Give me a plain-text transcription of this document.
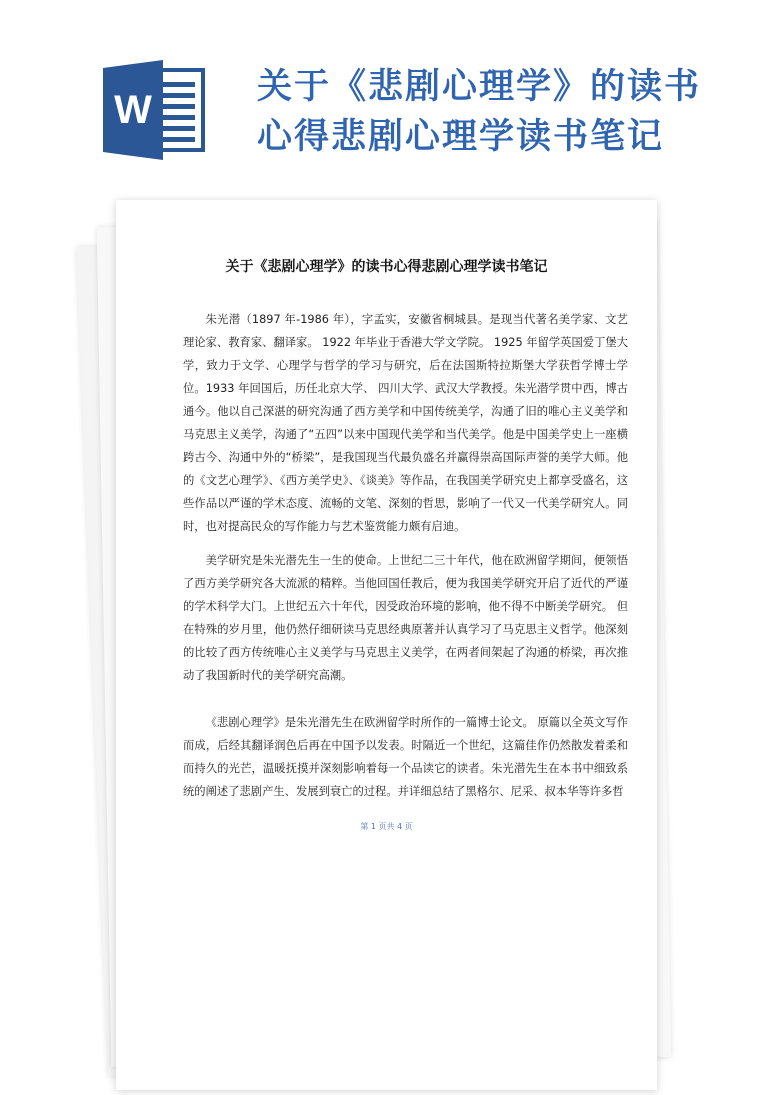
W
关于《悲剧心理学》的读书心得悲剧心理学读书笔记
关于《悲剧心理学》的读书心得悲剧心理学读书笔记

朱光潜（1897 年-1986 年），字孟实，安徽省桐城县。是现当代著名美学家、文艺理论家、教育家、翻译家。 1922 年毕业于香港大学文学院。 1925 年留学英国爱丁堡大学，致力于文学、心理学与哲学的学习与研究，后在法国斯特拉斯堡大学获哲学博士学位。1933 年回国后，历任北京大学、 四川大学、武汉大学教授。朱光潜学贯中西，博古通今。他以自己深湛的研究沟通了西方美学和中国传统美学，沟通了旧的唯心主义美学和马克思主义美学，沟通了“五四”以来中国现代美学和当代美学。他是中国美学史上一座横跨古今、沟通中外的“桥梁”，是我国现当代最负盛名并赢得崇高国际声誉的美学大师。他的《文艺心理学》、《西方美学史》、《谈美》等作品，在我国美学研究史上都享受盛名，这些作品以严谨的学术态度、流畅的文笔、深刻的哲思，影响了一代又一代美学研究人。同时，也对提高民众的写作能力与艺术鉴赏能力颇有启迪。

美学研究是朱光潜先生一生的使命。上世纪二三十年代，他在欧洲留学期间，便领悟了西方美学研究各大流派的精粹。当他回国任教后，便为我国美学研究开启了近代的严谨的学术科学大门。上世纪五六十年代，因受政治环境的影响，他不得不中断美学研究。 但在特殊的岁月里，他仍然仔细研读马克思经典原著并认真学习了马克思主义哲学。他深刻的比较了西方传统唯心主义美学与马克思主义美学，在两者间架起了沟通的桥梁，再次推动了我国新时代的美学研究高潮。

《悲剧心理学》是朱光潜先生在欧洲留学时所作的一篇博士论文。 原篇以全英文写作而成，后经其翻译润色后再在中国予以发表。时隔近一个世纪，这篇佳作仍然散发着柔和而持久的光芒，温暖抚摸并深刻影响着每一个品读它的读者。朱光潜先生在本书中细致系统的阐述了悲剧产生、发展到衰亡的过程。并详细总结了黑格尔、尼采、叔本华等许多哲

第 1 页共 4 页
